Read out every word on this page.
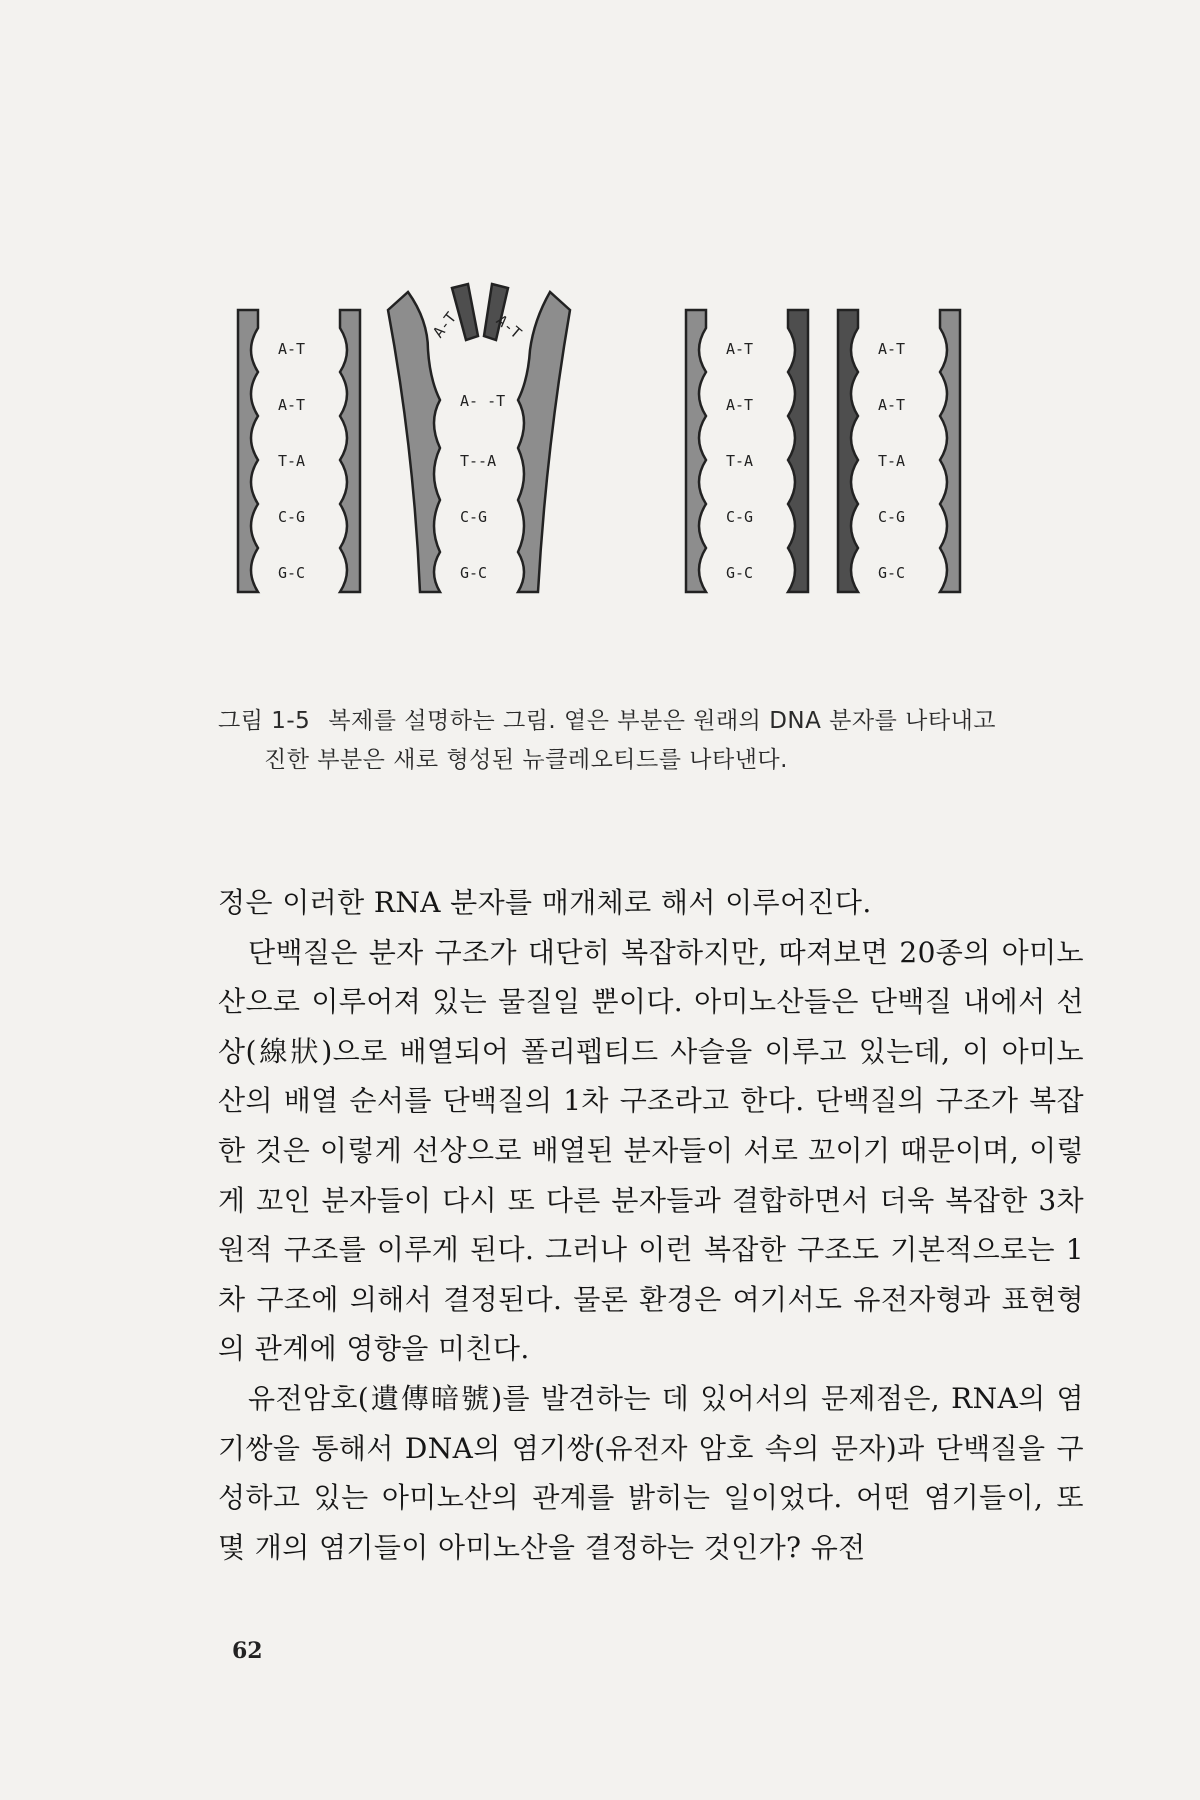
A-T
A-T
T-A
C-G
G-C
A-T A-T
A- -T
T--A
C-G
G-C
A-T
A-T
T-A
C-G
G-C
A-T
A-T
T-A
C-G
G-C
그림 1-5 복제를 설명하는 그림. 옅은 부분은 원래의 DNA 분자를 나타내고
진한 부분은 새로 형성된 뉴클레오티드를 나타낸다.

정은 이러한 RNA 분자를 매개체로 해서 이루어진다.

단백질은 분자 구조가 대단히 복잡하지만, 따져보면 20종의 아미노산으로 이루어져 있는 물질일 뿐이다. 아미노산들은 단백질 내에서 선상(線狀)으로 배열되어 폴리펩티드 사슬을 이루고 있는데, 이 아미노산의 배열 순서를 단백질의 1차 구조라고 한다. 단백질의 구조가 복잡한 것은 이렇게 선상으로 배열된 분자들이 서로 꼬이기 때문이며, 이렇게 꼬인 분자들이 다시 또 다른 분자들과 결합하면서 더욱 복잡한 3차원적 구조를 이루게 된다. 그러나 이런 복잡한 구조도 기본적으로는 1차 구조에 의해서 결정된다. 물론 환경은 여기서도 유전자형과 표현형의 관계에 영향을 미친다.

유전암호(遺傳暗號)를 발견하는 데 있어서의 문제점은, RNA의 염기쌍을 통해서 DNA의 염기쌍(유전자 암호 속의 문자)과 단백질을 구성하고 있는 아미노산의 관계를 밝히는 일이었다. 어떤 염기들이, 또 몇 개의 염기들이 아미노산을 결정하는 것인가? 유전

62
